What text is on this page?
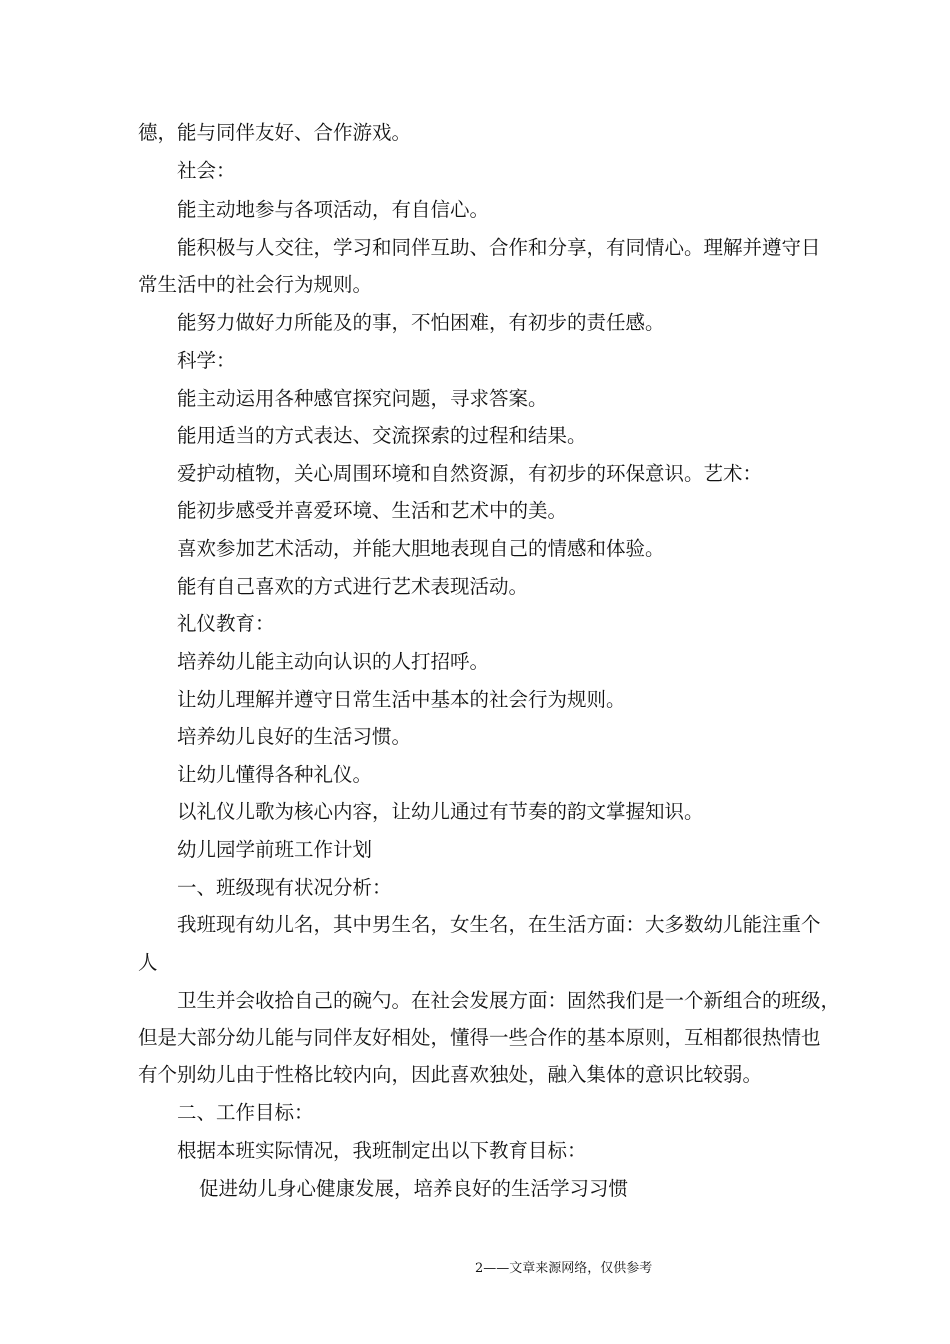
德，能与同伴友好、合作游戏。
社会：
能主动地参与各项活动，有自信心。
能积极与人交往，学习和同伴互助、合作和分享，有同情心。理解并遵守日
常生活中的社会行为规则。
能努力做好力所能及的事，不怕困难，有初步的责任感。
科学：
能主动运用各种感官探究问题，寻求答案。
能用适当的方式表达、交流探索的过程和结果。
爱护动植物，关心周围环境和自然资源，有初步的环保意识。艺术：
能初步感受并喜爱环境、生活和艺术中的美。
喜欢参加艺术活动，并能大胆地表现自己的情感和体验。
能有自己喜欢的方式进行艺术表现活动。
礼仪教育：
培养幼儿能主动向认识的人打招呼。
让幼儿理解并遵守日常生活中基本的社会行为规则。
培养幼儿良好的生活习惯。
让幼儿懂得各种礼仪。
以礼仪儿歌为核心内容，让幼儿通过有节奏的韵文掌握知识。
幼儿园学前班工作计划
一、班级现有状况分析：
我班现有幼儿名，其中男生名，女生名，在生活方面：大多数幼儿能注重个
人
卫生并会收拾自己的碗勺。在社会发展方面：固然我们是一个新组合的班级，
但是大部分幼儿能与同伴友好相处，懂得一些合作的基本原则，互相都很热情也
有个别幼儿由于性格比较内向，因此喜欢独处，融入集体的意识比较弱。
二、工作目标：
根据本班实际情况，我班制定出以下教育目标：
促进幼儿身心健康发展，培养良好的生活学习习惯
2——文章来源网络，仅供参考
